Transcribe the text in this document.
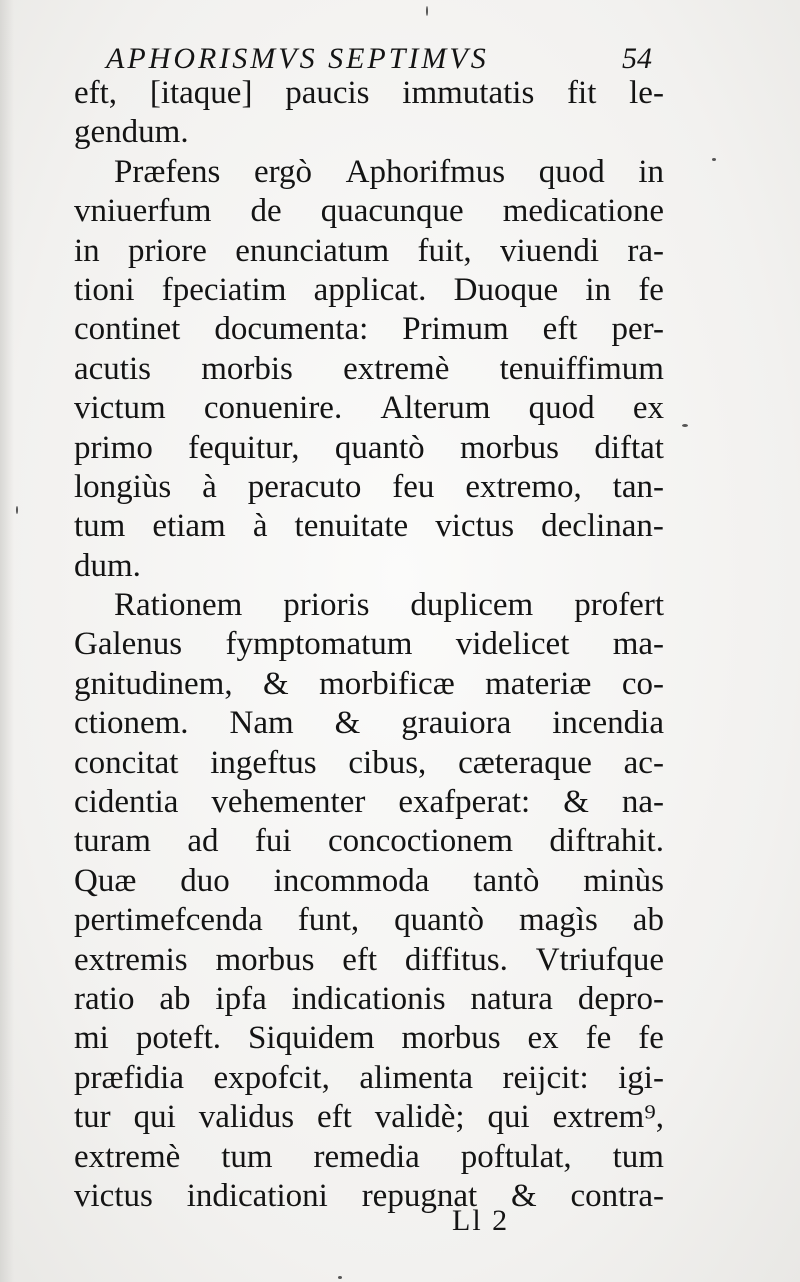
APHORISMVS SEPTIMVS	54
eft, [itaque] paucis immutatis fit le-
gendum.
Præfens ergò Aphorifmus quod in
vniuerfum de quacunque medicatione
in priore enunciatum fuit, viuendi ra-
tioni fpeciatim applicat. Duoque in fe
continet documenta: Primum eft per-
acutis morbis extremè tenuiffimum
victum conuenire. Alterum quod ex
primo fequitur, quantò morbus diftat
longiùs à peracuto feu extremo, tan-
tum etiam à tenuitate victus declinan-
dum.
Rationem prioris duplicem profert
Galenus fymptomatum videlicet ma-
gnitudinem, & morbificæ materiæ co-
ctionem. Nam & grauiora incendia
concitat ingeftus cibus, cæteraque ac-
cidentia vehementer exafperat: & na-
turam ad fui concoctionem diftrahit.
Quæ duo incommoda tantò minùs
pertimefcenda funt, quantò magìs ab
extremis morbus eft diffitus. Vtriufque
ratio ab ipfa indicationis natura depro-
mi poteft. Siquidem morbus ex fe fe
præfidia expofcit, alimenta reijcit: igi-
tur qui validus eft validè; qui extrem⁹,
extremè tum remedia poftulat, tum
victus indicationi repugnat & contra-
Ll 2
